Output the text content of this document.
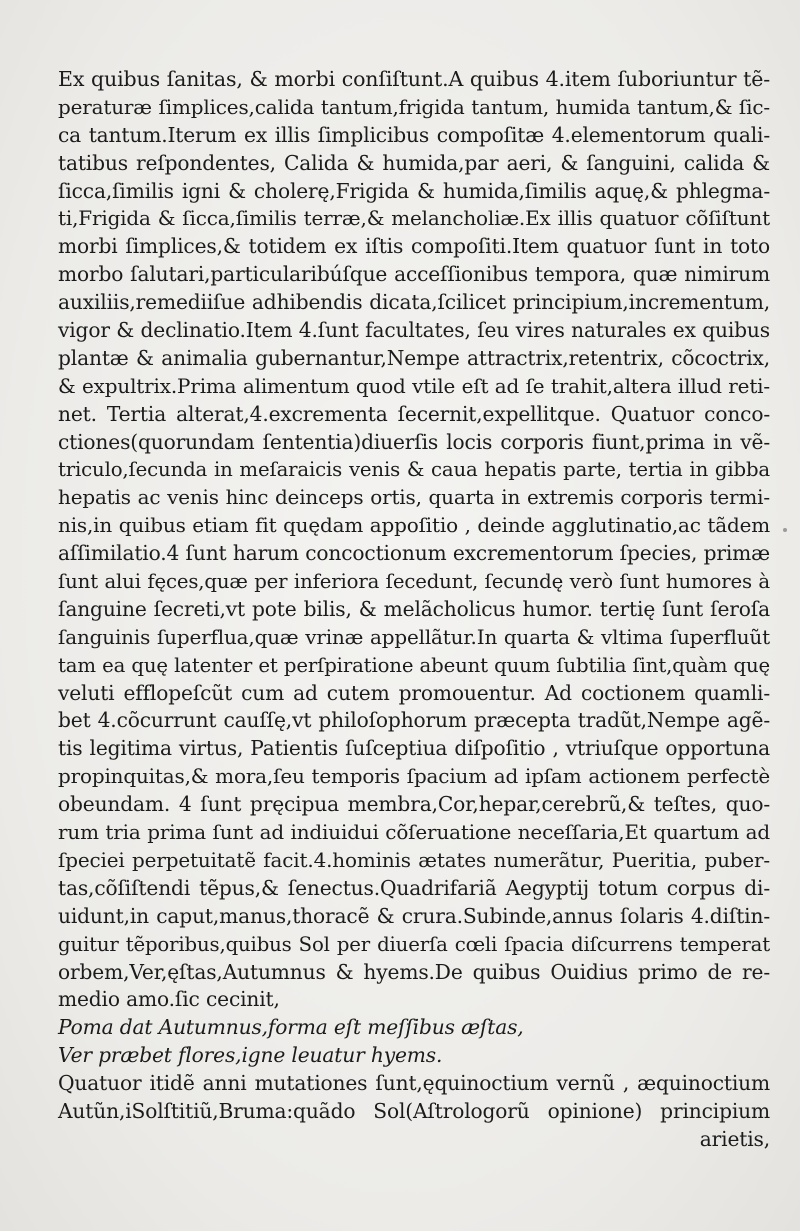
Ex quibus ſanitas, & morbi conſiſtunt.A quibus 4.item ſuboriuntur tẽ-
peraturæ ſimplices,calida tantum,frigida tantum, humida tantum,& ſic-
ca tantum.Iterum ex illis ſimplicibus compoſitæ 4.elementorum quali-
tatibus reſpondentes, Calida & humida,par aeri, & ſanguini, calida &
ſicca,ſimilis igni & cholerę,Frigida & humida,ſimilis aquę,& phlegma-
ti,Frigida & ſicca,ſimilis terræ,& melancholiæ.Ex illis quatuor cõſiſtunt
morbi ſimplices,& totidem ex iſtis compoſiti.Item quatuor ſunt in toto
morbo ſalutari,particularibúſque acceſſionibus tempora, quæ nimirum
auxiliis,remediiſue adhibendis dicata,ſcilicet principium,incrementum,
vigor & declinatio.Item 4.ſunt facultates, ſeu vires naturales ex quibus
plantæ & animalia gubernantur,Nempe attractrix,retentrix, cõcoctrix,
& expultrix.Prima alimentum quod vtile eſt ad ſe trahit,altera illud reti-
net. Tertia alterat,4.excrementa ſecernit,expellitque. Quatuor conco-
ctiones(quorundam ſententia)diuerſis locis corporis fiunt,prima in vẽ-
triculo,ſecunda in meſaraicis venis & caua hepatis parte, tertia in gibba
hepatis ac venis hinc deinceps ortis, quarta in extremis corporis termi-
nis,in quibus etiam fit quędam appoſitio , deinde agglutinatio,ac tãdem
aſſimilatio.4 ſunt harum concoctionum excrementorum ſpecies, primæ
ſunt alui fęces,quæ per inferiora ſecedunt, ſecundę verò ſunt humores à
ſanguine ſecreti,vt pote bilis, & melãcholicus humor. tertię ſunt ſeroſa
ſanguinis ſuperflua,quæ vrinæ appellãtur.In quarta & vltima ſuperfluũt
tam ea quę latenter et perſpiratione abeunt quum ſubtilia ſint,quàm quę
veluti efflореſcũt cum ad cutem promouentur. Ad coctionem quamli-
bet 4.cõcurrunt cauſſę,vt philoſophorum præcepta tradũt,Nempe agẽ-
tis legitima virtus, Patientis ſuſceptiua diſpoſitio , vtriuſque opportuna
propinquitas,& mora,ſeu temporis ſpacium ad ipſam actionem perfectè
obeundam. 4 ſunt pręcipua membra,Cor,hepar,cerebrũ,& teſtes, quo-
rum tria prima ſunt ad indiuidui cõſeruatione neceſſaria,Et quartum ad
ſpeciei perpetuitatẽ facit.4.hominis ætates numerãtur, Pueritia, puber-
tas,cõſiſtendi tẽpus,& ſenectus.Quadrifariã Aegyptij totum corpus di-
uidunt,in caput,manus,thoracẽ & crura.Subinde,annus ſolaris 4.diſtin-
guitur tẽporibus,quibus Sol per diuerſa cœli ſpacia diſcurrens temperat
orbem,Ver,ęſtas,Autumnus & hyems.De quibus Ouidius primo de re-
medio amo.ſic cecinit,
Poma dat Autumnus,forma eſt meſſibus æſtas,
Ver præbet flores,igne leuatur hyems.
Quatuor itidẽ anni mutationes ſunt,ęquinoctium vernũ , æquinoctium
Autũn,iSolſtitiũ,Bruma:quãdo Sol(Aſtrologorũ opinione) principium
arietis,
